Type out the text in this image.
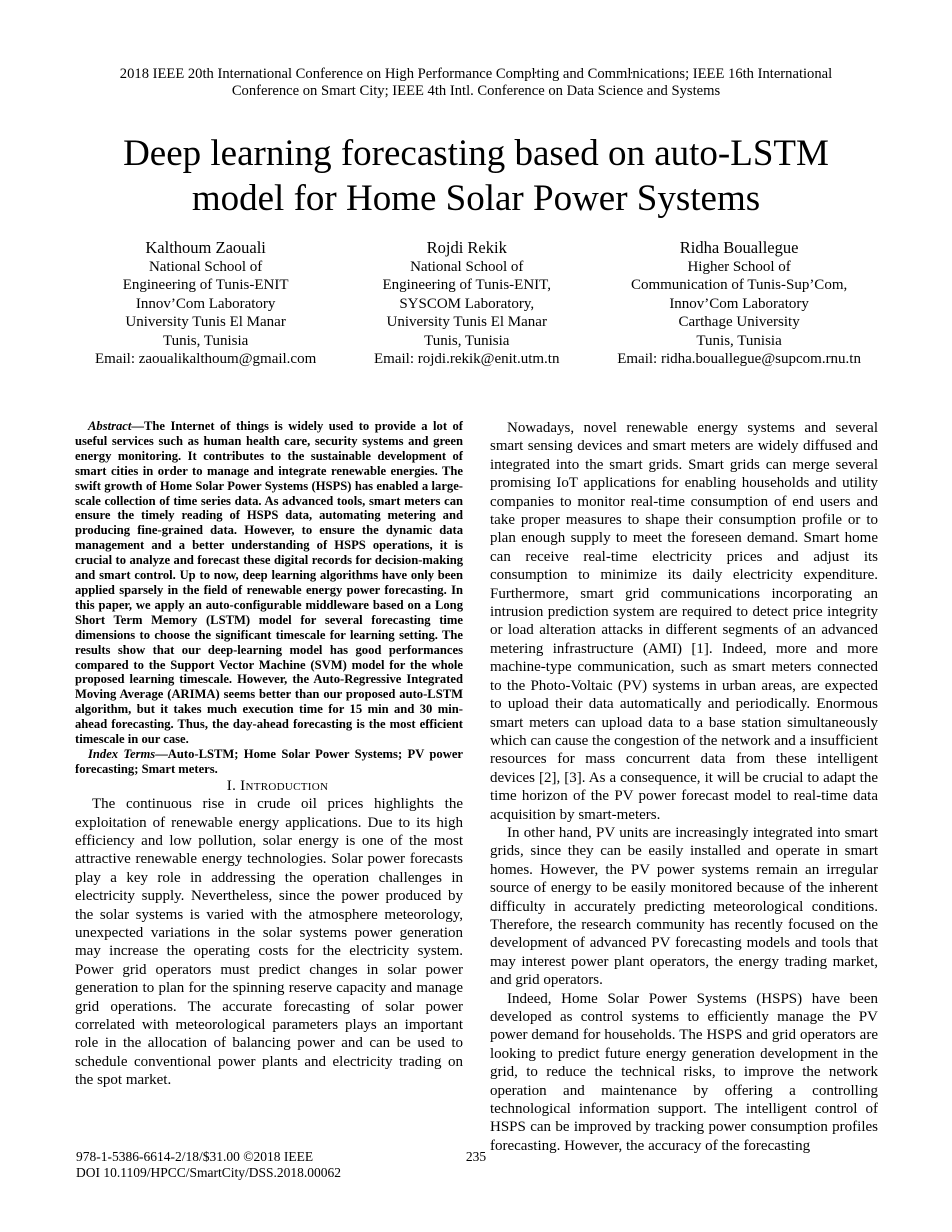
2018 IEEE 20th International Conference on High Performance Compŀting and Commŀnications; IEEE 16th International
Conference on Smart City; IEEE 4th Intl. Conference on Data Science and Systems
Deep learning forecasting based on auto-LSTM
model for Home Solar Power Systems
Kalthoum Zaouali
National School of
Engineering of Tunis-ENIT
Innov’Com Laboratory
University Tunis El Manar
Tunis, Tunisia
Email: zaoualikalthoum@gmail.com
Rojdi Rekik
National School of
Engineering of Tunis-ENIT,
SYSCOM Laboratory,
University Tunis El Manar
Tunis, Tunisia
Email: rojdi.rekik@enit.utm.tn
Ridha Bouallegue
Higher School of
Communication of Tunis-Sup’Com,
Innov’Com Laboratory
Carthage University
Tunis, Tunisia
Email: ridha.bouallegue@supcom.rnu.tn

Abstract—The Internet of things is widely used to provide a lot of useful services such as human health care, security systems and green energy monitoring. It contributes to the sustainable development of smart cities in order to manage and integrate renewable energies. The swift growth of Home Solar Power Systems (HSPS) has enabled a large-scale collection of time series data. As advanced tools, smart meters can ensure the timely reading of HSPS data, automating metering and producing fine-grained data. However, to ensure the dynamic data management and a better understanding of HSPS operations, it is crucial to analyze and forecast these digital records for decision-making and smart control. Up to now, deep learning algorithms have only been applied sparsely in the field of renewable energy power forecasting. In this paper, we apply an auto-configurable middleware based on a Long Short Term Memory (LSTM) model for several forecasting time dimensions to choose the significant timescale for learning setting. The results show that our deep-learning model has good performances compared to the Support Vector Machine (SVM) model for the whole proposed learning timescale. However, the Auto-Regressive Integrated Moving Average (ARIMA) seems better than our proposed auto-LSTM algorithm, but it takes much execution time for 15 min and 30 min-ahead forecasting. Thus, the day-ahead forecasting is the most efficient timescale in our case.

Index Terms—Auto-LSTM; Home Solar Power Systems; PV power forecasting; Smart meters.

I. Introduction

The continuous rise in crude oil prices highlights the exploitation of renewable energy applications. Due to its high efficiency and low pollution, solar energy is one of the most attractive renewable energy technologies. Solar power forecasts play a key role in addressing the operation challenges in electricity supply. Nevertheless, since the power produced by the solar systems is varied with the atmosphere meteorology, unexpected variations in the solar systems power generation may increase the operating costs for the electricity system. Power grid operators must predict changes in solar power generation to plan for the spinning reserve capacity and manage grid operations. The accurate forecasting of solar power correlated with meteorological parameters plays an important role in the allocation of balancing power and can be used to schedule conventional power plants and electricity trading on the spot market.

Nowadays, novel renewable energy systems and several smart sensing devices and smart meters are widely diffused and integrated into the smart grids. Smart grids can merge several promising IoT applications for enabling households and utility companies to monitor real-time consumption of end users and take proper measures to shape their consumption profile or to plan enough supply to meet the foreseen demand. Smart home can receive real-time electricity prices and adjust its consumption to minimize its daily electricity expenditure. Furthermore, smart grid communications incorporating an intrusion prediction system are required to detect price integrity or load alteration attacks in different segments of an advanced metering infrastructure (AMI) [1]. Indeed, more and more machine-type communication, such as smart meters connected to the Photo-Voltaic (PV) systems in urban areas, are expected to upload their data automatically and periodically. Enormous smart meters can upload data to a base station simultaneously which can cause the congestion of the network and a insufficient resources for mass concurrent data from these intelligent devices [2], [3]. As a consequence, it will be crucial to adapt the time horizon of the PV power forecast model to real-time data acquisition by smart-meters.

In other hand, PV units are increasingly integrated into smart grids, since they can be easily installed and operate in smart homes. However, the PV power systems remain an irregular source of energy to be easily monitored because of the inherent difficulty in accurately predicting meteorological conditions. Therefore, the research community has recently focused on the development of advanced PV forecasting models and tools that may interest power plant operators, the energy trading market, and grid operators.

Indeed, Home Solar Power Systems (HSPS) have been developed as control systems to efficiently manage the PV power demand for households. The HSPS and grid operators are looking to predict future energy generation development in the grid, to reduce the technical risks, to improve the network operation and maintenance by offering a controlling technological information support. The intelligent control of HSPS can be improved by tracking power consumption profiles forecasting. However, the accuracy of the forecasting

978-1-5386-6614-2/18/$31.00 ©2018 IEEE
DOI 10.1109/HPCC/SmartCity/DSS.2018.00062
235
